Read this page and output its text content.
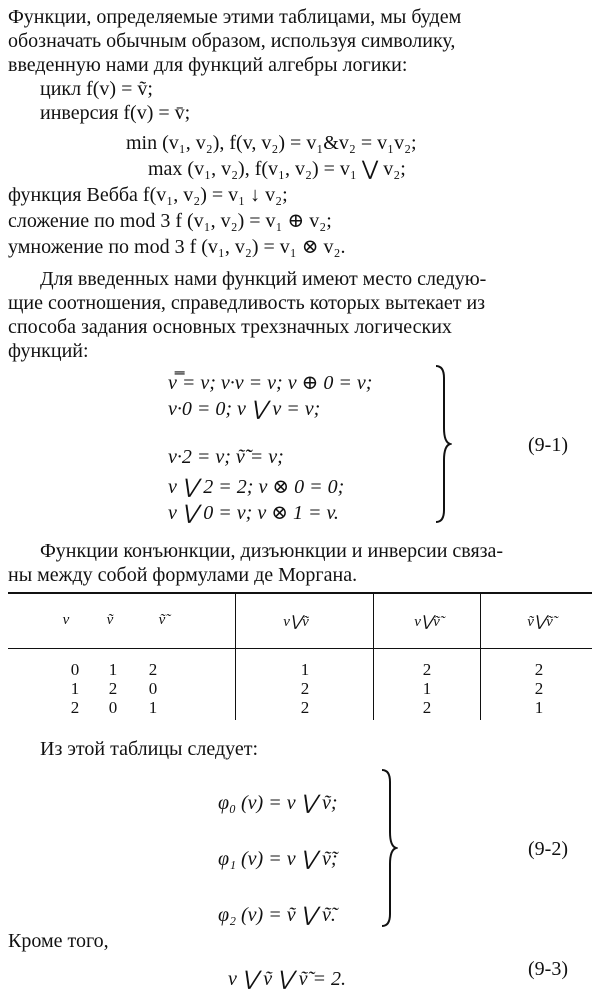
Функции, определяемые этими таблицами, мы будем
обозначать обычным образом, используя символику,
введенную нами для функций алгебры логики:
цикл f(v) = ṽ;
инверсия f(v) = v̄;
min (v₁, v₂), f(v, v₂) = v₁&v₂ = v₁v₂;
max (v₁, v₂), f(v₁, v₂) = v₁ ⋁ v₂;
функция Вебба f(v₁, v₂) = v₁ ↓ v₂;
сложение по mod 3 f (v₁, v₂) = v₁ ⊕ v₂;
умножение по mod 3 f (v₁, v₂) = v₁ ⊗ v₂.
Для введенных нами функций имеют место следую-
щие соотношения, справедливость которых вытекает из
способа задания основных трехзначных логических
функций:
v̿ = v; v·v = v; v ⊕ 0 = v;
v·0 = 0; v ⋁ v = v;
v·2 = v; ṽ̃̃ = v;
v ⋁ 2 = 2; v ⊗ 0 = 0;
v ⋁ 0 = v; v ⊗ 1 = v.
(9-1)
Функции конъюнкции, дизъюнкции и инверсии связа-
ны между собой формулами де Моргана.
v	ṽ	ṽ̃	v⋁ṽ	v⋁ṽ̃	ṽ⋁ṽ̃
0	1	2	1	2	2
1	2	0	2	1	2
2	0	1	2	2	1
Из этой таблицы следует:
φ₀ (v) = v ⋁ ṽ;
φ₁ (v) = v ⋁ ṽ̃;
φ₂ (v) = ṽ ⋁ ṽ̃.
(9-2)
Кроме того,
v ⋁ ṽ ⋁ ṽ̃ = 2.	(9-3)
